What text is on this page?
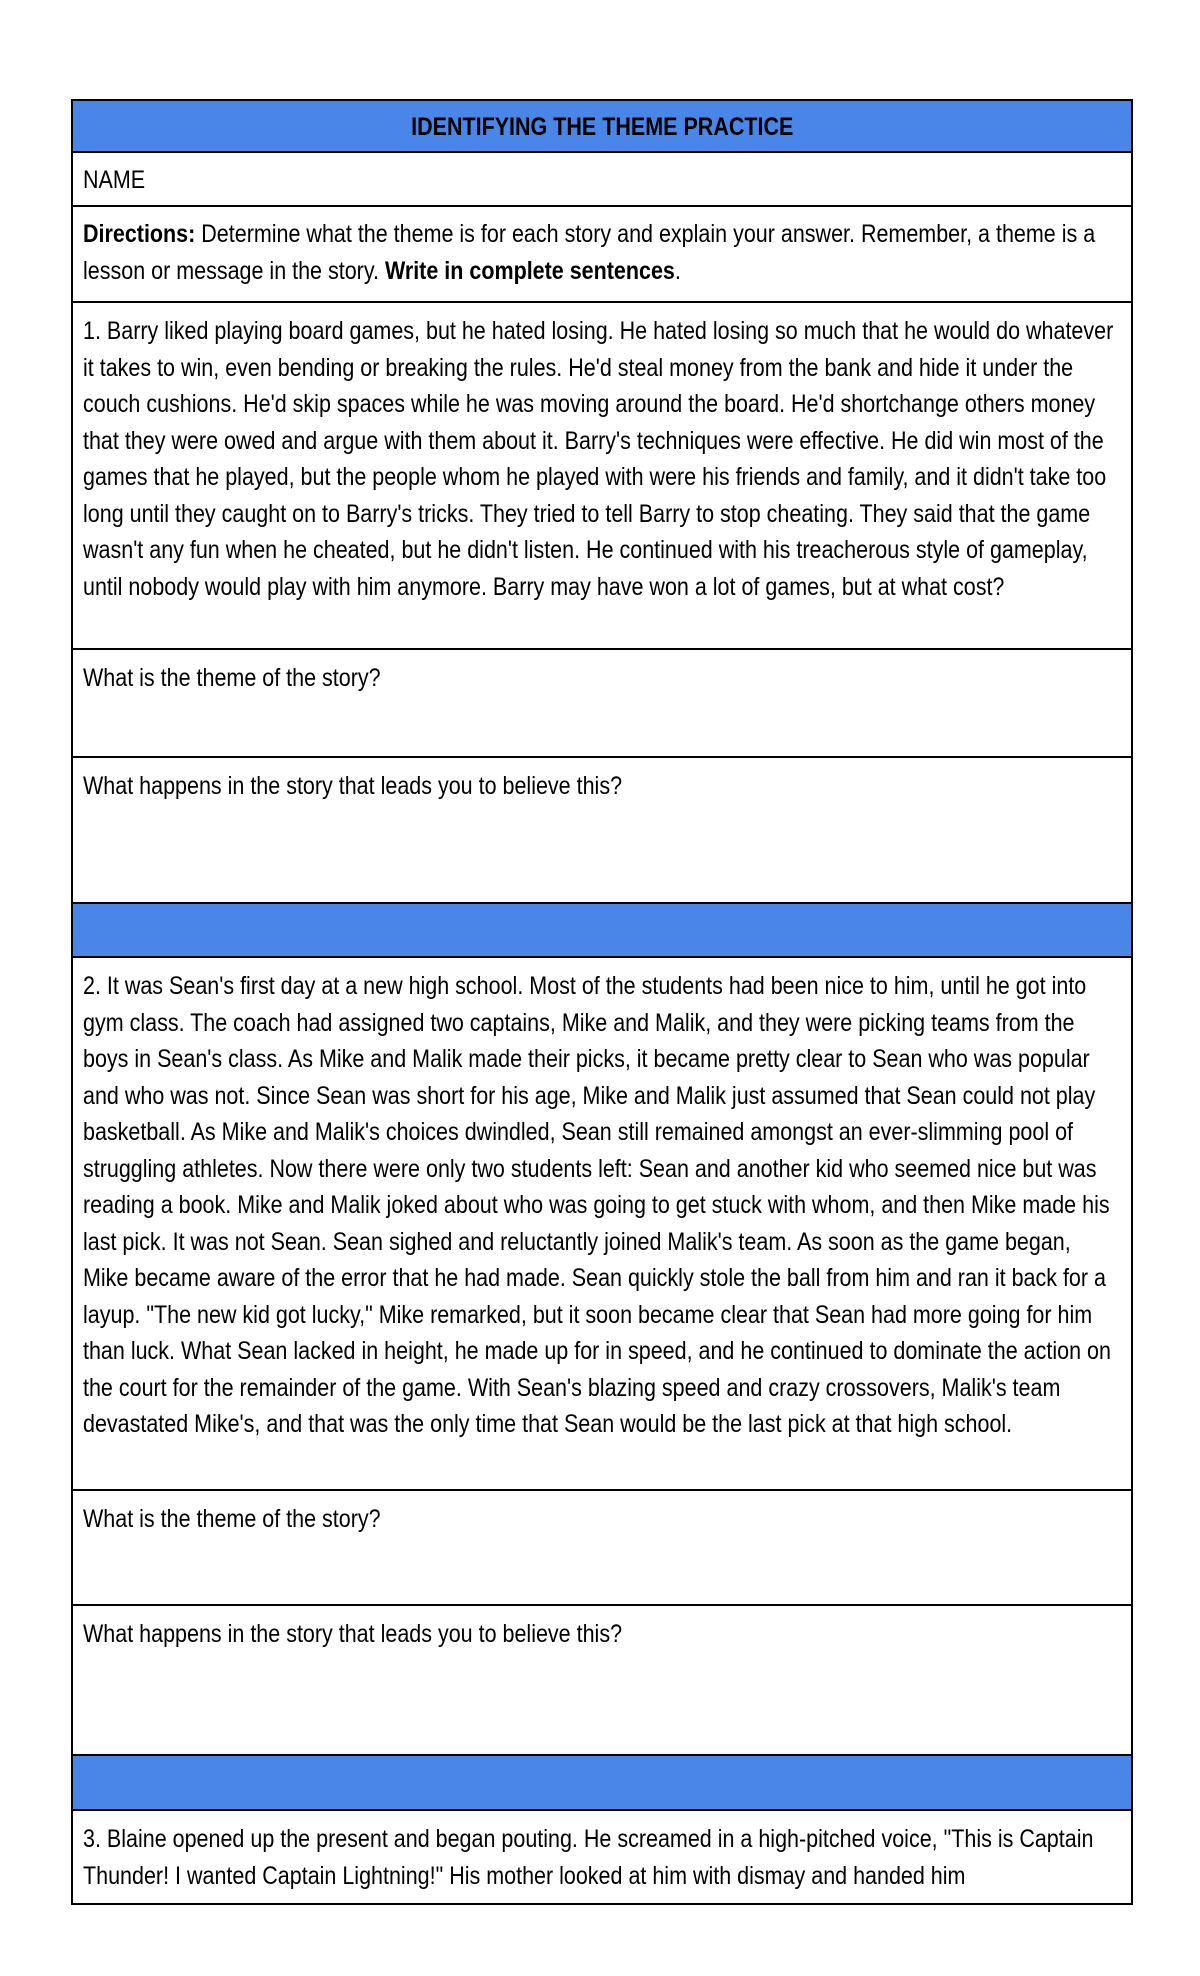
IDENTIFYING THE THEME PRACTICE
NAME
Directions: Determine what the theme is for each story and explain your answer. Remember, a theme is a lesson or message in the story. Write in complete sentences.
1. Barry liked playing board games, but he hated losing. He hated losing so much that he would do whatever it takes to win, even bending or breaking the rules. He'd steal money from the bank and hide it under the couch cushions. He'd skip spaces while he was moving around the board. He'd shortchange others money that they were owed and argue with them about it. Barry's techniques were effective. He did win most of the games that he played, but the people whom he played with were his friends and family, and it didn't take too long until they caught on to Barry's tricks. They tried to tell Barry to stop cheating. They said that the game wasn't any fun when he cheated, but he didn't listen. He continued with his treacherous style of gameplay, until nobody would play with him anymore. Barry may have won a lot of games, but at what cost?
What is the theme of the story?
What happens in the story that leads you to believe this?
2. It was Sean's first day at a new high school. Most of the students had been nice to him, until he got into gym class. The coach had assigned two captains, Mike and Malik, and they were picking teams from the boys in Sean's class. As Mike and Malik made their picks, it became pretty clear to Sean who was popular and who was not. Since Sean was short for his age, Mike and Malik just assumed that Sean could not play basketball. As Mike and Malik's choices dwindled, Sean still remained amongst an ever-slimming pool of struggling athletes. Now there were only two students left: Sean and another kid who seemed nice but was reading a book. Mike and Malik joked about who was going to get stuck with whom, and then Mike made his last pick. It was not Sean. Sean sighed and reluctantly joined Malik's team. As soon as the game began, Mike became aware of the error that he had made. Sean quickly stole the ball from him and ran it back for a layup. "The new kid got lucky," Mike remarked, but it soon became clear that Sean had more going for him than luck. What Sean lacked in height, he made up for in speed, and he continued to dominate the action on the court for the remainder of the game. With Sean's blazing speed and crazy crossovers, Malik's team devastated Mike's, and that was the only time that Sean would be the last pick at that high school.
What is the theme of the story?
What happens in the story that leads you to believe this?
3. Blaine opened up the present and began pouting. He screamed in a high-pitched voice, "This is Captain Thunder! I wanted Captain Lightning!" His mother looked at him with dismay and handed him
